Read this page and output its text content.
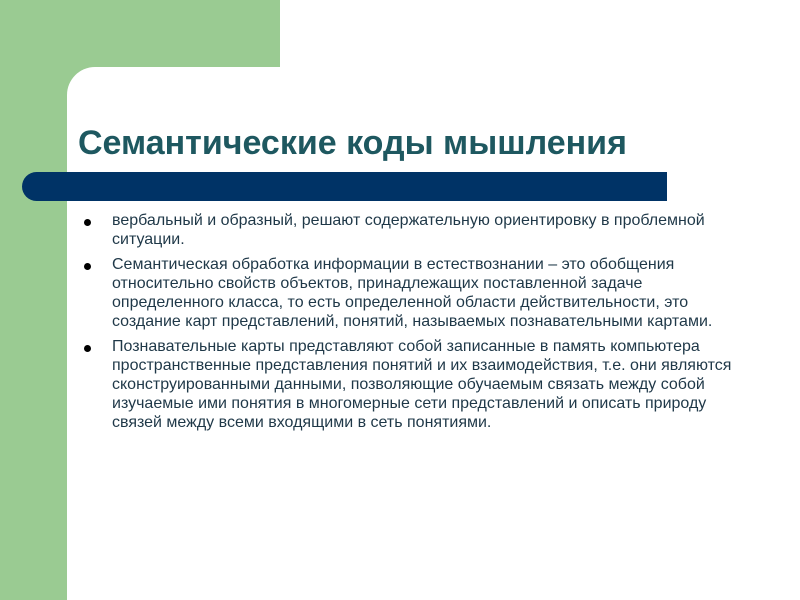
Семантические коды мышления
вербальный и образный, решают содержательную ориентировку в проблемной ситуации.
Семантическая обработка информации в естествознании – это обобщения относительно свойств объектов, принадлежащих поставленной задаче определенного класса, то есть определенной области действительности, это создание карт представлений, понятий, называемых познавательными картами.
Познавательные карты представляют собой записанные в память компьютера пространственные представления понятий и их взаимодействия, т.е. они являются сконструированными данными, позволяющие обучаемым связать между собой изучаемые ими понятия в многомерные сети представлений и описать природу связей между всеми входящими в сеть понятиями.
